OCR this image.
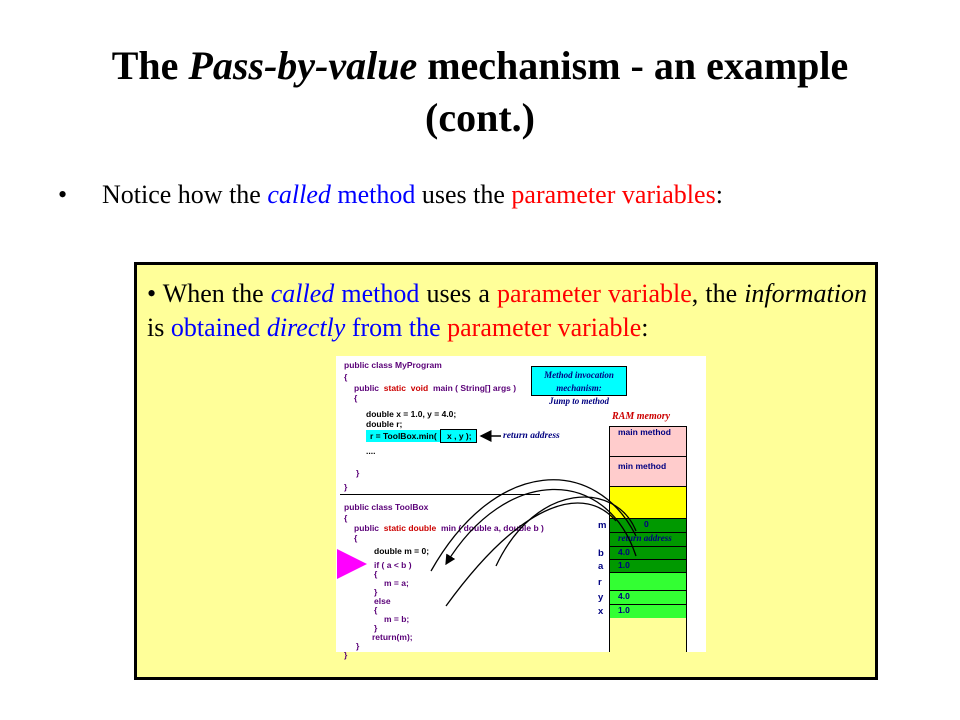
The Pass-by-value mechanism - an example
(cont.)
• Notice how the called method uses the parameter variables:
• When the called method uses a parameter variable, the information is obtained directly from the parameter variable:
public class MyProgram
{
public static void main ( String[] args )
{
double x = 1.0, y = 4.0;
double r;
r = ToolBox.min( x , y );
....
}
}
public class ToolBox
{
public static double min ( double a, double b )
{
double m = 0;
if ( a < b )
{
m = a;
}
else
{
m = b;
}
return(m);
}
}
Method invocation mechanism:
Jump to method
return address
RAM memory
main method
min method
0
return address
4.0
1.0
4.0
1.0
m
b
a
r
y
x
